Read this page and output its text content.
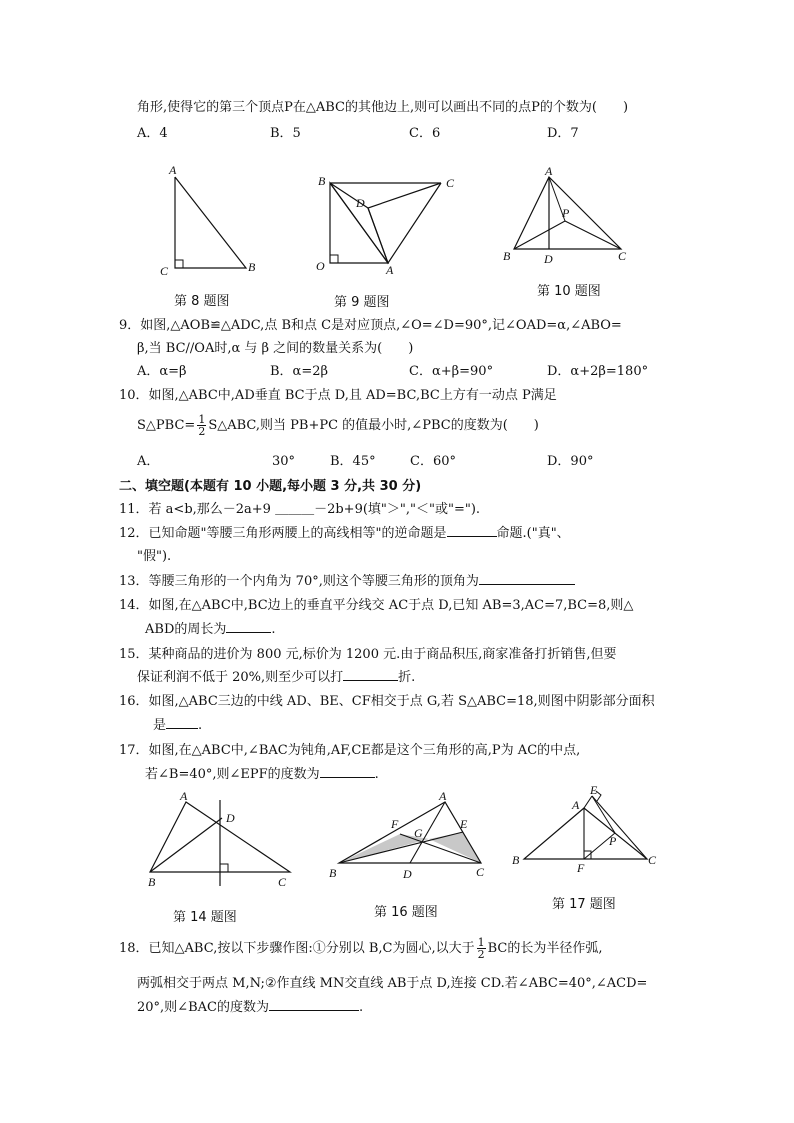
角形,使得它的第三个顶点P在△ABC的其他边上,则可以画出不同的点P的个数为(　　)
A．4	B．5	C．6	D．7
A
C	B
第 8 题图
B	C
D
O	A
第 9 题图
A
P
B	D	C
第 10 题图
9．如图,△AOB≌△ADC,点 B和点 C是对应顶点,∠O=∠D=90°,记∠OAD=α,∠ABO=
β,当 BC//OA时,α 与 β 之间的数量关系为(　　)
A．α=β	B．α=2β	C．α+β=90°	D．α+2β=180°
10．如图,△ABC中,AD垂直 BC于点 D,且 AD=BC,BC上方有一动点 P满足
S△PBC= $\frac{1}{2}$ S△ABC,则当 PB+PC 的值最小时,∠PBC的度数为(　　)
A．	30°	B．45°	C．60°	D．90°
二、填空题(本题有 10 小题,每小题 3 分,共 30 分)
11．若 a<b,那么－2a+9 ＿＿＿－2b+9(填"＞","＜"或"=").
12．已知命题"等腰三角形两腰上的高线相等"的逆命题是	命题.("真"、
"假").
13．等腰三角形的一个内角为 70°,则这个等腰三角形的顶角为
14．如图,在△ABC中,BC边上的垂直平分线交 AC于点 D,已知 AB=3,AC=7,BC=8,则△
ABD的周长为	.
15．某种商品的进价为 800 元,标价为 1200 元.由于商品积压,商家准备打折销售,但要
保证利润不低于 20%,则至少可以打	折.
16．如图,△ABC三边的中线 AD、BE、CF相交于点 G,若 S△ABC=18,则图中阴影部分面积
是 .
17．如图,在△ABC中,∠BAC为钝角,AF,CE都是这个三角形的高,P为 AC的中点,
若∠B=40°,则∠EPF的度数为	.
A
D
B	C
第 14 题图
A
F
G
E
B	D	C
第 16 题图
E
A
P
B
F
C
第 17 题图
18．已知△ABC,按以下步骤作图:①分别以 B,C为圆心,以大于 $\frac{1}{2}$ BC的长为半径作弧,
两弧相交于两点 M,N;②作直线 MN交直线 AB于点 D,连接 CD.若∠ABC=40°,∠ACD=
20°,则∠BAC的度数为	.
